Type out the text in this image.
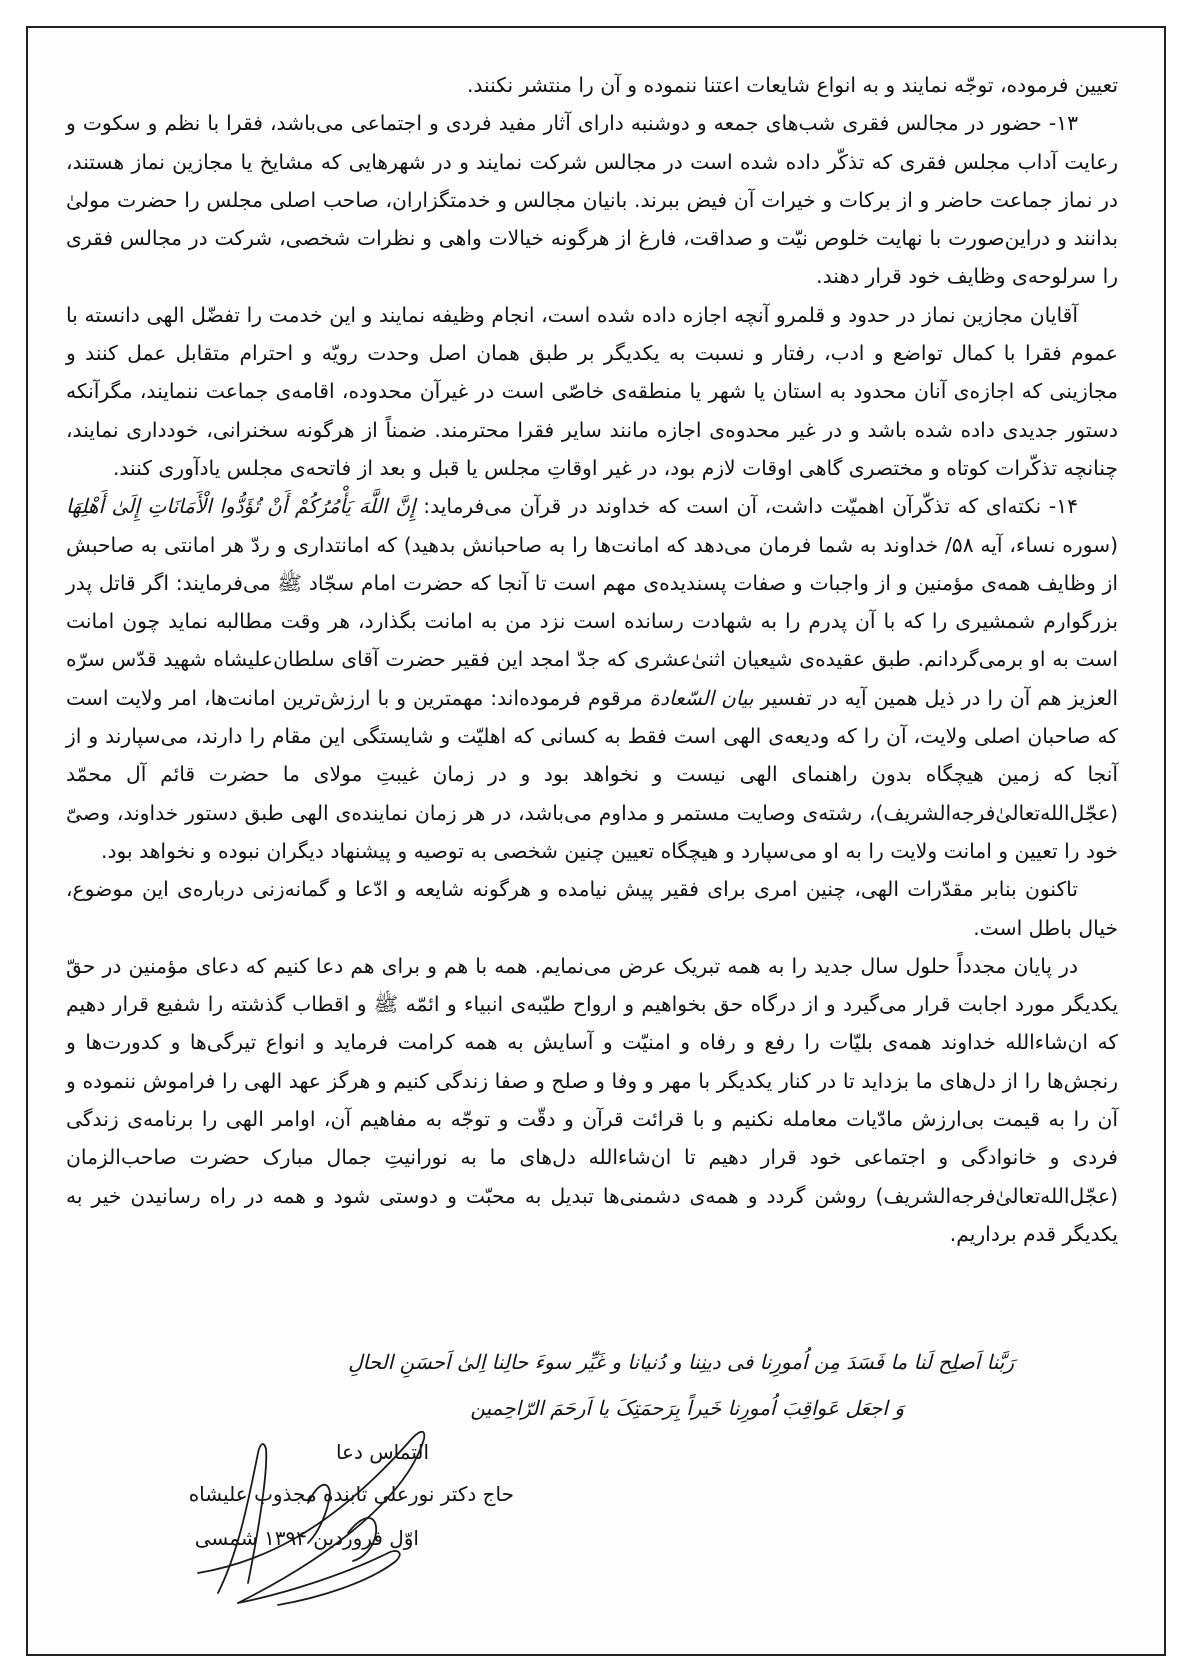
تعیین فرموده، توجّه نمایند و به انواع شایعات اعتنا ننموده و آن را منتشر نکنند.

۱۳- حضور در مجالس فقری شب‌های جمعه و دوشنبه دارای آثار مفید فردی و اجتماعی می‌باشد، فقرا با نظم و سکوت و رعایت آداب مجلس فقری که تذکّر داده شده است در مجالس شرکت نمایند و در شهرهایی که مشایخ یا مجازین نماز هستند، در نماز جماعت حاضر و از برکات و خیرات آن فیض ببرند. بانیان مجالس و خدمتگزاران، صاحب اصلی مجلس را حضرت مولیٰ بدانند و دراین‌صورت با نهایت خلوص نیّت و صداقت، فارغ از هرگونه خیالات واهی و نظرات شخصی، شرکت در مجالس فقری را سرلوحه‌ی وظایف خود قرار دهند.

آقایان مجازین نماز در حدود و قلمرو آنچه اجازه داده شده است، انجام وظیفه نمایند و این خدمت را تفضّل الهی دانسته با عموم فقرا با کمال تواضع و ادب، رفتار و نسبت به یکدیگر بر طبق همان اصل وحدت رویّه و احترام متقابل عمل کنند و مجازینی که اجازه‌ی آنان محدود به استان یا شهر یا منطقه‌ی خاصّی است در غیرآن محدوده، اقامه‌ی جماعت ننمایند، مگرآنکه دستور جدیدی داده شده باشد و در غیر محدوه‌ی اجازه مانند سایر فقرا محترمند. ضمناً از هرگونه سخنرانی، خودداری نمایند، چنانچه تذکّرات کوتاه و مختصری گاهی اوقات لازم بود، در غیر اوقاتِ مجلس یا قبل و بعد از فاتحه‌ی مجلس یادآوری کنند.

۱۴- نکته‌ای که تذکّرآن اهمیّت داشت، آن است که خداوند در قرآن می‌فرماید: إِنَّ اللَّهَ يَأْمُرُكُمْ أَنْ تُؤَدُّوا الْأَمَانَاتِ إِلَىٰ أَهْلِهَا (سوره نساء، آیه ۵۸/ خداوند به شما فرمان می‌دهد که امانت‌ها را به صاحبانش بدهید) که امانتداری و ردّ هر امانتی به صاحبش از وظایف همه‌ی مؤمنین و از واجبات و صفات پسندیده‌ی مهم است تا آنجا که حضرت امام سجّاد ﷺ می‌فرمایند: اگر قاتل پدر بزرگوارم شمشیری را که با آن پدرم را به شهادت رسانده است نزد من به امانت بگذارد، هر وقت مطالبه نماید چون امانت است به او برمی‌گردانم. طبق عقیده‌ی شیعیان اثنیٰ‌عشری که جدّ امجد این فقیر حضرت آقای سلطان‌علیشاه شهید قدّس سرّه العزیز هم آن را در ذیل همین آیه در تفسیر بیان السّعادة مرقوم فرموده‌اند: مهمترین و با ارزش‌ترین امانت‌ها، امر ولایت است که صاحبان اصلی ولایت، آن را که ودیعه‌ی الهی است فقط به کسانی که اهلیّت و شایستگی این مقام را دارند، می‌سپارند و از آنجا که زمین هیچگاه بدون راهنمای الهی نیست و نخواهد بود و در زمان غیبتِ مولای ما حضرت قائم آل محمّد (عجّل‌الله‌تعالیٰ‌فرجه‌الشریف)، رشته‌ی وصایت مستمر و مداوم می‌باشد، در هر زمان نماینده‌ی الهی طبق دستور خداوند، وصیّ خود را تعیین و امانت ولایت را به او می‌سپارد و هیچگاه تعیین چنین شخصی به توصیه و پیشنهاد دیگران نبوده و نخواهد بود.

تاکنون بنابر مقدّرات الهی، چنین امری برای فقیر پیش نیامده و هرگونه شایعه و ادّعا و گمانه‌زنی درباره‌ی این موضوع، خیال باطل است.

در پایان مجدداً حلول سال جدید را به همه تبریک عرض می‌نمایم. همه با هم و برای هم دعا کنیم که دعای مؤمنین در حقّ یکدیگر مورد اجابت قرار می‌گیرد و از درگاه حق بخواهیم و ارواح طیّبه‌ی انبیاء و ائمّه ﷺ و اقطاب گذشته را شفیع قرار دهیم که ان‌شاءالله خداوند همه‌ی بلیّات را رفع و رفاه و امنیّت و آسایش به همه کرامت فرماید و انواع تیرگی‌ها و کدورت‌ها و رنجش‌ها را از دل‌های ما بزداید تا در کنار یکدیگر با مهر و وفا و صلح و صفا زندگی کنیم و هرگز عهد الهی را فراموش ننموده و آن را به قیمت بی‌ارزش مادّیات معامله نکنیم و با قرائت قرآن و دقّت و توجّه به مفاهیم آن، اوامر الهی را برنامه‌ی زندگی فردی و خانوادگی و اجتماعی خود قرار دهیم تا ان‌شاءالله دل‌های ما به نورانیتِ جمال مبارک حضرت صاحب‌الزمان (عجّل‌الله‌تعالیٰ‌فرجه‌الشریف) روشن گردد و همه‌ی دشمنی‌ها تبدیل به محبّت و دوستی شود و همه در راه رسانیدن خیر به یکدیگر قدم برداریم.

رَبَّنا اَصلِح لَنا ما فَسَدَ مِن اُمورِنا فی دینِنا و دُنیانا و غَیِّر سوءَ حالِنا اِلیٰ اَحسَنِ الحالِ
وَ اجعَل عَواقِبَ اُمورِنا خَیراً بِرَحمَتِکَ یا اَرحَمَ الرّاحِمین
التماس دعا
حاج دکتر نورعلی تابنده مجذوب علیشاه
اوّل فروردین ۱۳۹۴ شمسی
